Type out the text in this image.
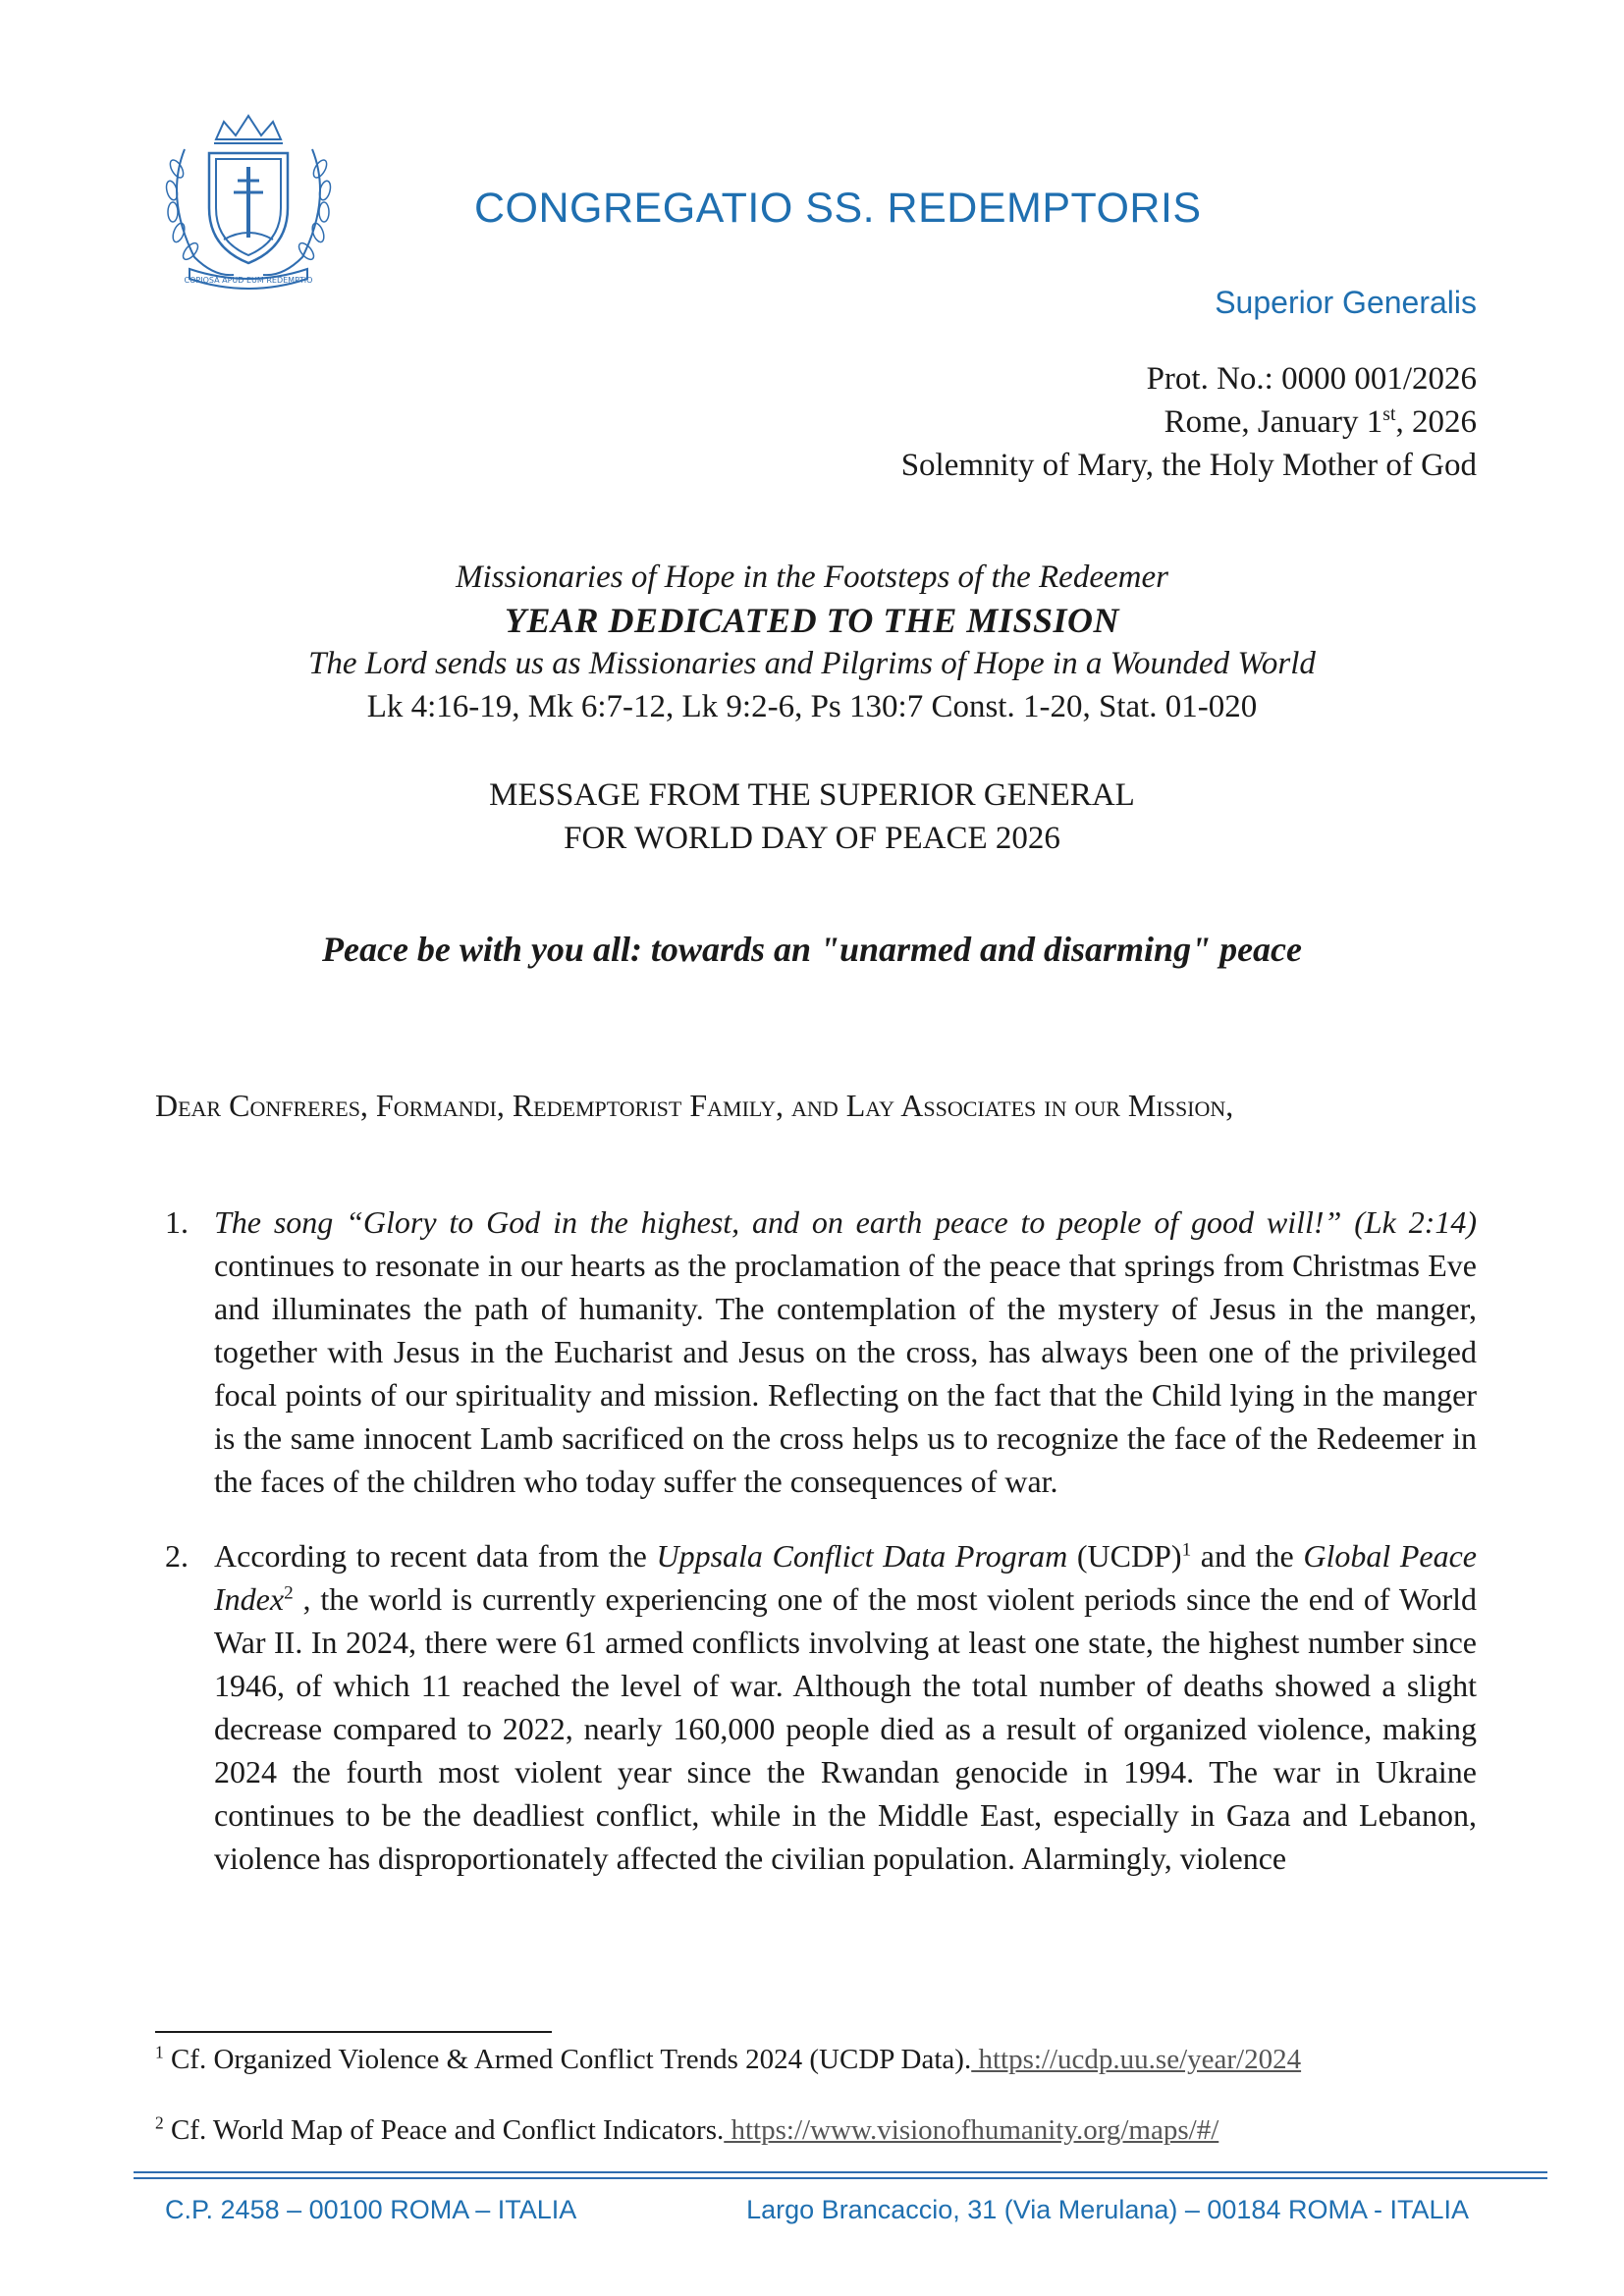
COPIOSA APUD EUM REDEMPTIO
CONGREGATIO SS. REDEMPTORIS
Superior Generalis
Prot. No.: 0000 001/2026
Rome, January 1st, 2026
Solemnity of Mary, the Holy Mother of God
Missionaries of Hope in the Footsteps of the Redeemer
YEAR DEDICATED TO THE MISSION
The Lord sends us as Missionaries and Pilgrims of Hope in a Wounded World
Lk 4:16-19, Mk 6:7-12, Lk 9:2-6, Ps 130:7 Const. 1-20, Stat. 01-020
MESSAGE FROM THE SUPERIOR GENERAL
FOR WORLD DAY OF PEACE 2026
Peace be with you all: towards an "unarmed and disarming" peace
Dear Confreres, Formandi, Redemptorist Family, and Lay Associates in our Mission,
1. The song “Glory to God in the highest, and on earth peace to people of good will!” (Lk 2:14) continues to resonate in our hearts as the proclamation of the peace that springs from Christmas Eve and illuminates the path of humanity. The contemplation of the mystery of Jesus in the manger, together with Jesus in the Eucharist and Jesus on the cross, has always been one of the privileged focal points of our spirituality and mission. Reflecting on the fact that the Child lying in the manger is the same innocent Lamb sacrificed on the cross helps us to recognize the face of the Redeemer in the faces of the children who today suffer the consequences of war.
2. According to recent data from the Uppsala Conflict Data Program (UCDP)$^1$ and the Global Peace Index$^2$ , the world is currently experiencing one of the most violent periods since the end of World War II. In 2024, there were 61 armed conflicts involving at least one state, the highest number since 1946, of which 11 reached the level of war. Although the total number of deaths showed a slight decrease compared to 2022, nearly 160,000 people died as a result of organized violence, making 2024 the fourth most violent year since the Rwandan genocide in 1994. The war in Ukraine continues to be the deadliest conflict, while in the Middle East, especially in Gaza and Lebanon, violence has disproportionately affected the civilian population. Alarmingly, violence
$^1$ Cf. Organized Violence & Armed Conflict Trends 2024 (UCDP Data). https://ucdp.uu.se/year/2024
$^2$ Cf. World Map of Peace and Conflict Indicators. https://www.visionofhumanity.org/maps/#/
C.P. 2458 – 00100 ROMA – ITALIA	Largo Brancaccio, 31 (Via Merulana) – 00184 ROMA - ITALIA
